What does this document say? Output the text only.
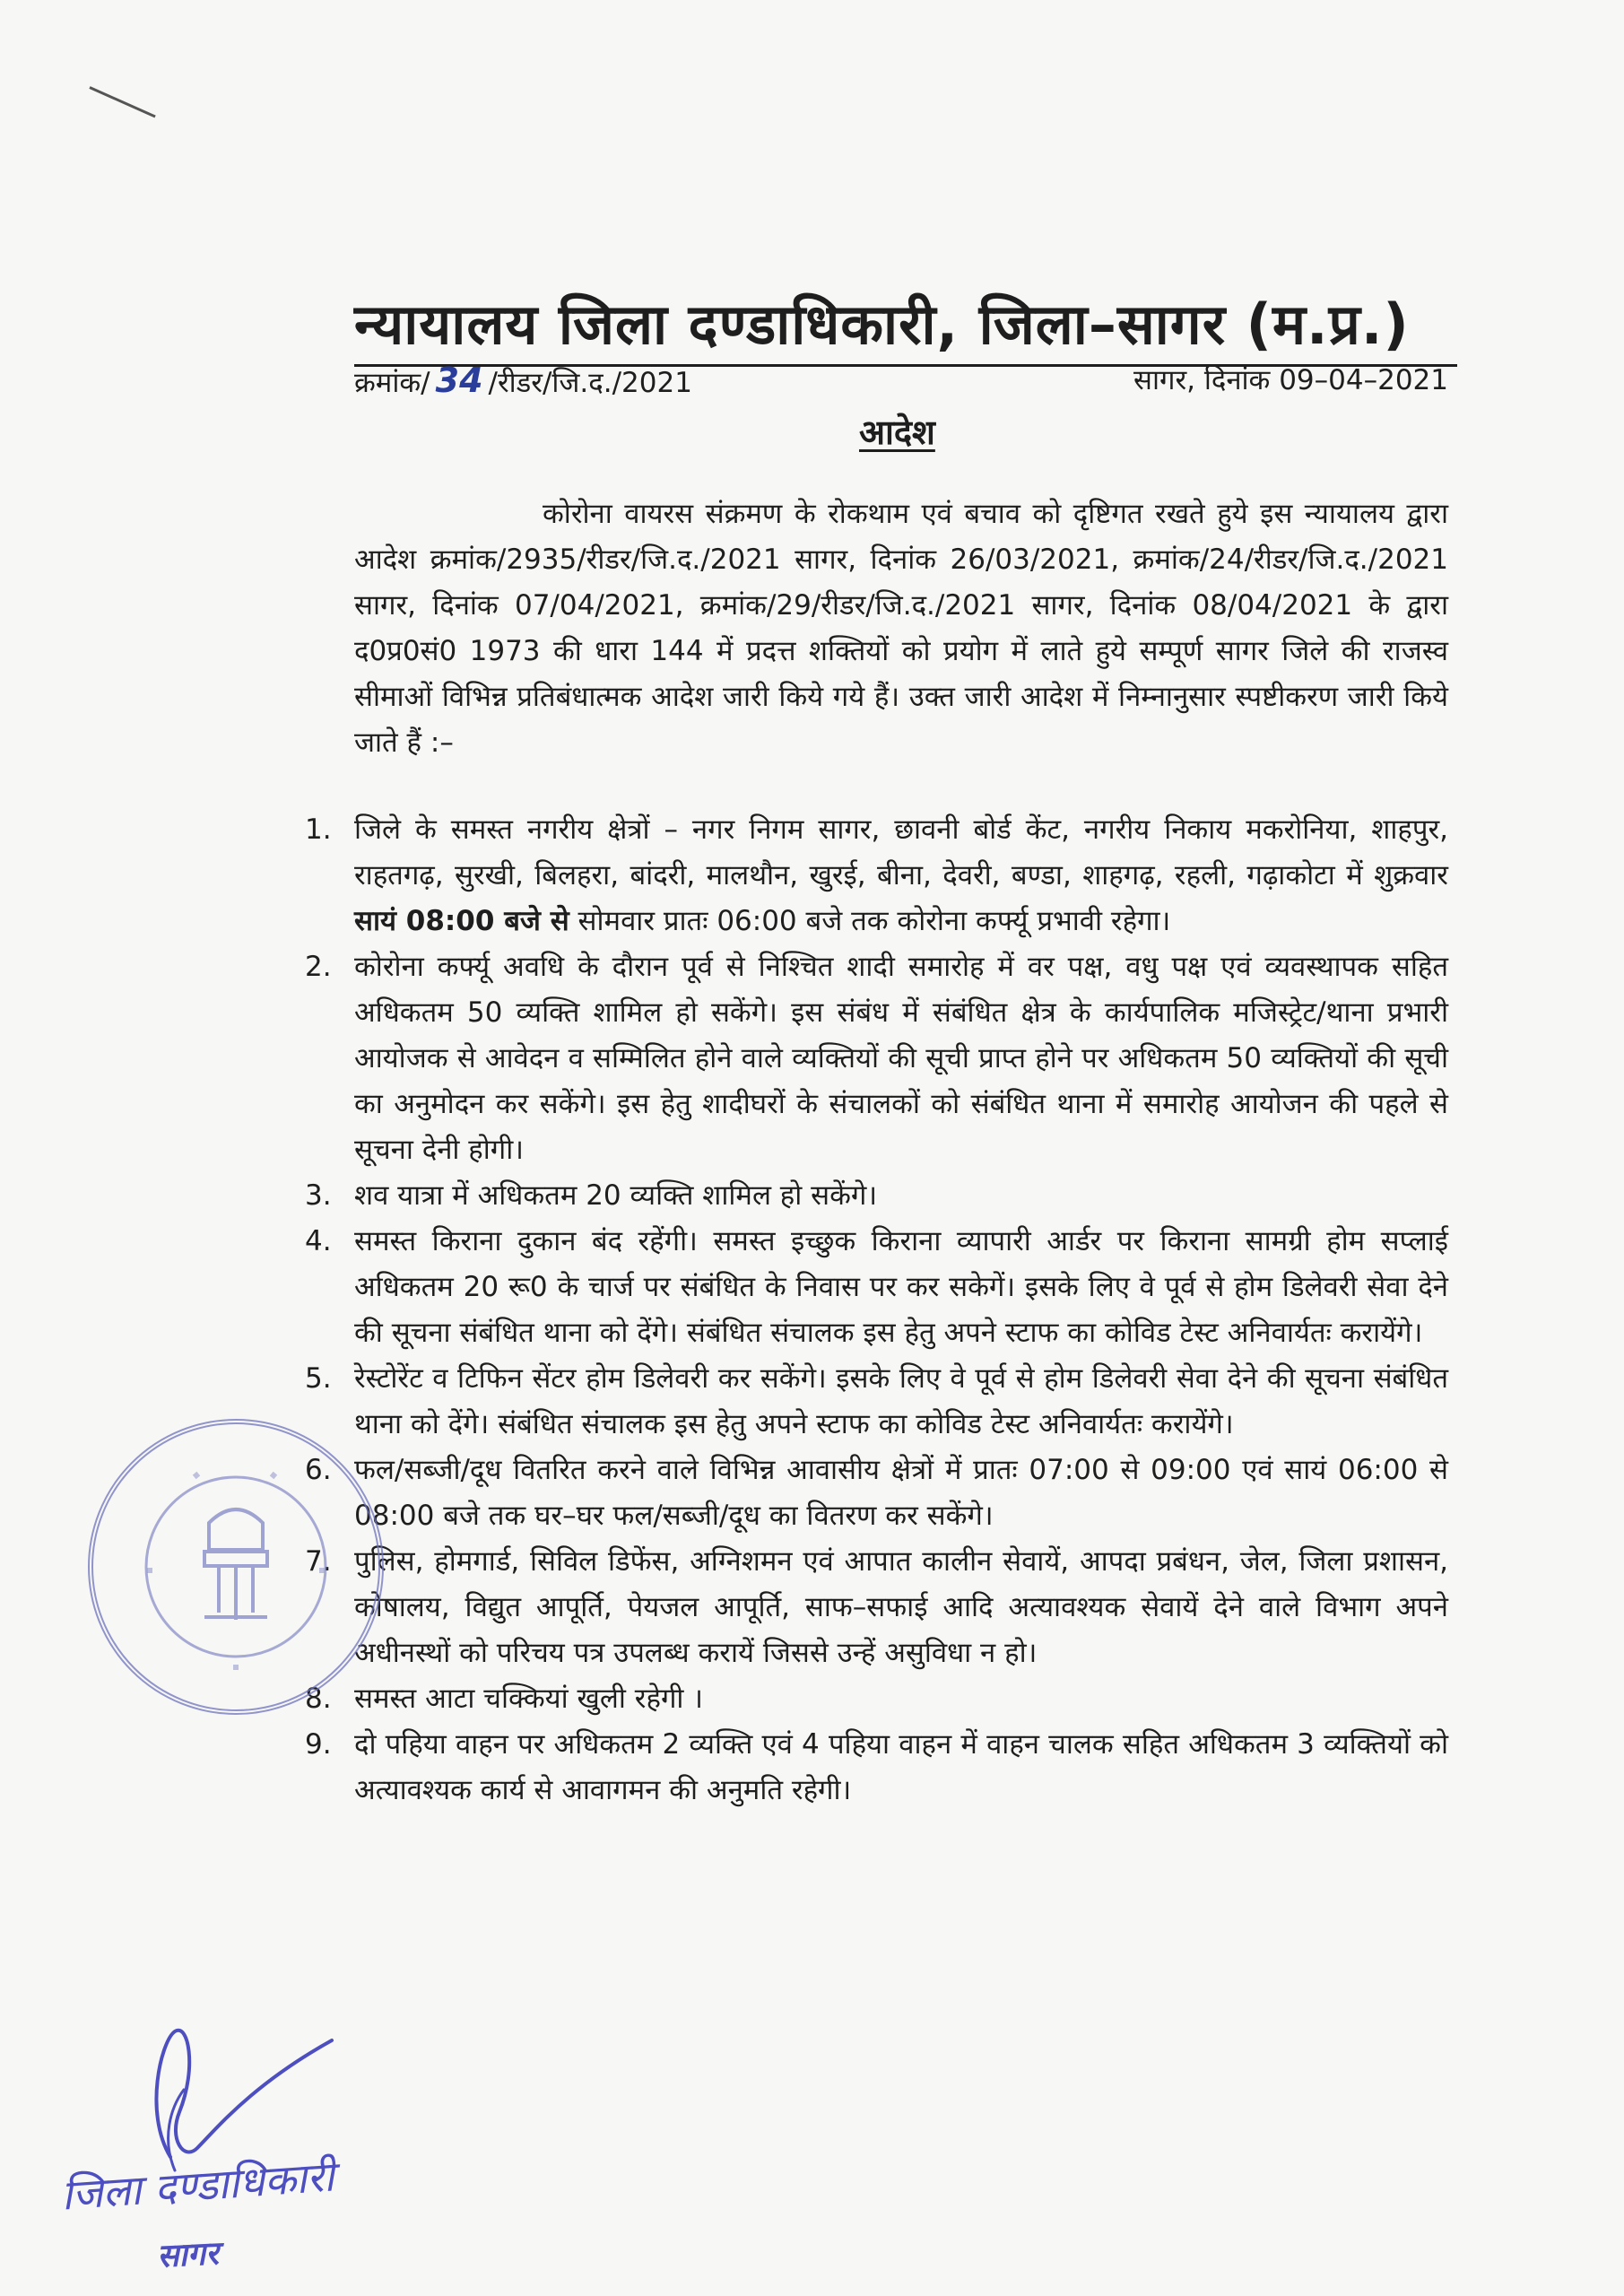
न्यायालय जिला दण्डाधिकारी, जिला–सागर (म.प्र.)
क्रमांक/ 34 /रीडर/जि.द./2021	सागर, दिनांक 09–04–2021
आदेश
कोरोना वायरस संक्रमण के रोकथाम एवं बचाव को दृष्टिगत रखते हुये इस न्यायालय द्वारा आदेश क्रमांक/2935/रीडर/जि.द./2021 सागर, दिनांक 26/03/2021, क्रमांक/24/रीडर/जि.द./2021 सागर, दिनांक 07/04/2021, क्रमांक/29/रीडर/जि.द./2021 सागर, दिनांक 08/04/2021 के द्वारा द0प्र0सं0 1973 की धारा 144 में प्रदत्त शक्तियों को प्रयोग में लाते हुये सम्पूर्ण सागर जिले की राजस्व सीमाओं विभिन्न प्रतिबंधात्मक आदेश जारी किये गये हैं। उक्त जारी आदेश में निम्नानुसार स्पष्टीकरण जारी किये जाते हैं :–
1. जिले के समस्त नगरीय क्षेत्रों – नगर निगम सागर, छावनी बोर्ड केंट, नगरीय निकाय मकरोनिया, शाहपुर, राहतगढ़, सुरखी, बिलहरा, बांदरी, मालथौन, खुरई, बीना, देवरी, बण्डा, शाहगढ़, रहली, गढ़ाकोटा में शुक्रवार सायं 08:00 बजे से सोमवार प्रातः 06:00 बजे तक कोरोना कर्फ्यू प्रभावी रहेगा।
2. कोरोना कर्फ्यू अवधि के दौरान पूर्व से निश्चित शादी समारोह में वर पक्ष, वधु पक्ष एवं व्यवस्थापक सहित अधिकतम 50 व्यक्ति शामिल हो सकेंगे। इस संबंध में संबंधित क्षेत्र के कार्यपालिक मजिस्ट्रेट/थाना प्रभारी आयोजक से आवेदन व सम्मिलित होने वाले व्यक्तियों की सूची प्राप्त होने पर अधिकतम 50 व्यक्तियों की सूची का अनुमोदन कर सकेंगे। इस हेतु शादीघरों के संचालकों को संबंधित थाना में समारोह आयोजन की पहले से सूचना देनी होगी।
3. शव यात्रा में अधिकतम 20 व्यक्ति शामिल हो सकेंगे।
4. समस्त किराना दुकान बंद रहेंगी। समस्त इच्छुक किराना व्यापारी आर्डर पर किराना सामग्री होम सप्लाई अधिकतम 20 रू0 के चार्ज पर संबंधित के निवास पर कर सकेगें। इसके लिए वे पूर्व से होम डिलेवरी सेवा देने की सूचना संबंधित थाना को देंगे। संबंधित संचालक इस हेतु अपने स्टाफ का कोविड टेस्ट अनिवार्यतः करायेंगे।
5. रेस्टोरेंट व टिफिन सेंटर होम डिलेवरी कर सकेंगे। इसके लिए वे पूर्व से होम डिलेवरी सेवा देने की सूचना संबंधित थाना को देंगे। संबंधित संचालक इस हेतु अपने स्टाफ का कोविड टेस्ट अनिवार्यतः करायेंगे।
6. फल/सब्जी/दूध वितरित करने वाले विभिन्न आवासीय क्षेत्रों में प्रातः 07:00 से 09:00 एवं सायं 06:00 से 08:00 बजे तक घर–घर फल/सब्जी/दूध का वितरण कर सकेंगे।
7. पुलिस, होमगार्ड, सिविल डिफेंस, अग्निशमन एवं आपात कालीन सेवायें, आपदा प्रबंधन, जेल, जिला प्रशासन, कोषालय, विद्युत आपूर्ति, पेयजल आपूर्ति, साफ–सफाई आदि अत्यावश्यक सेवायें देने वाले विभाग अपने अधीनस्थों को परिचय पत्र उपलब्ध करायें जिससे उन्हें असुविधा न हो।
8. समस्त आटा चक्कियां खुली रहेगी ।
9. दो पहिया वाहन पर अधिकतम 2 व्यक्ति एवं 4 पहिया वाहन में वाहन चालक सहित अधिकतम 3 व्यक्तियों को अत्यावश्यक कार्य से आवागमन की अनुमति रहेगी।
जिला दण्डाधिकारी
सागर
